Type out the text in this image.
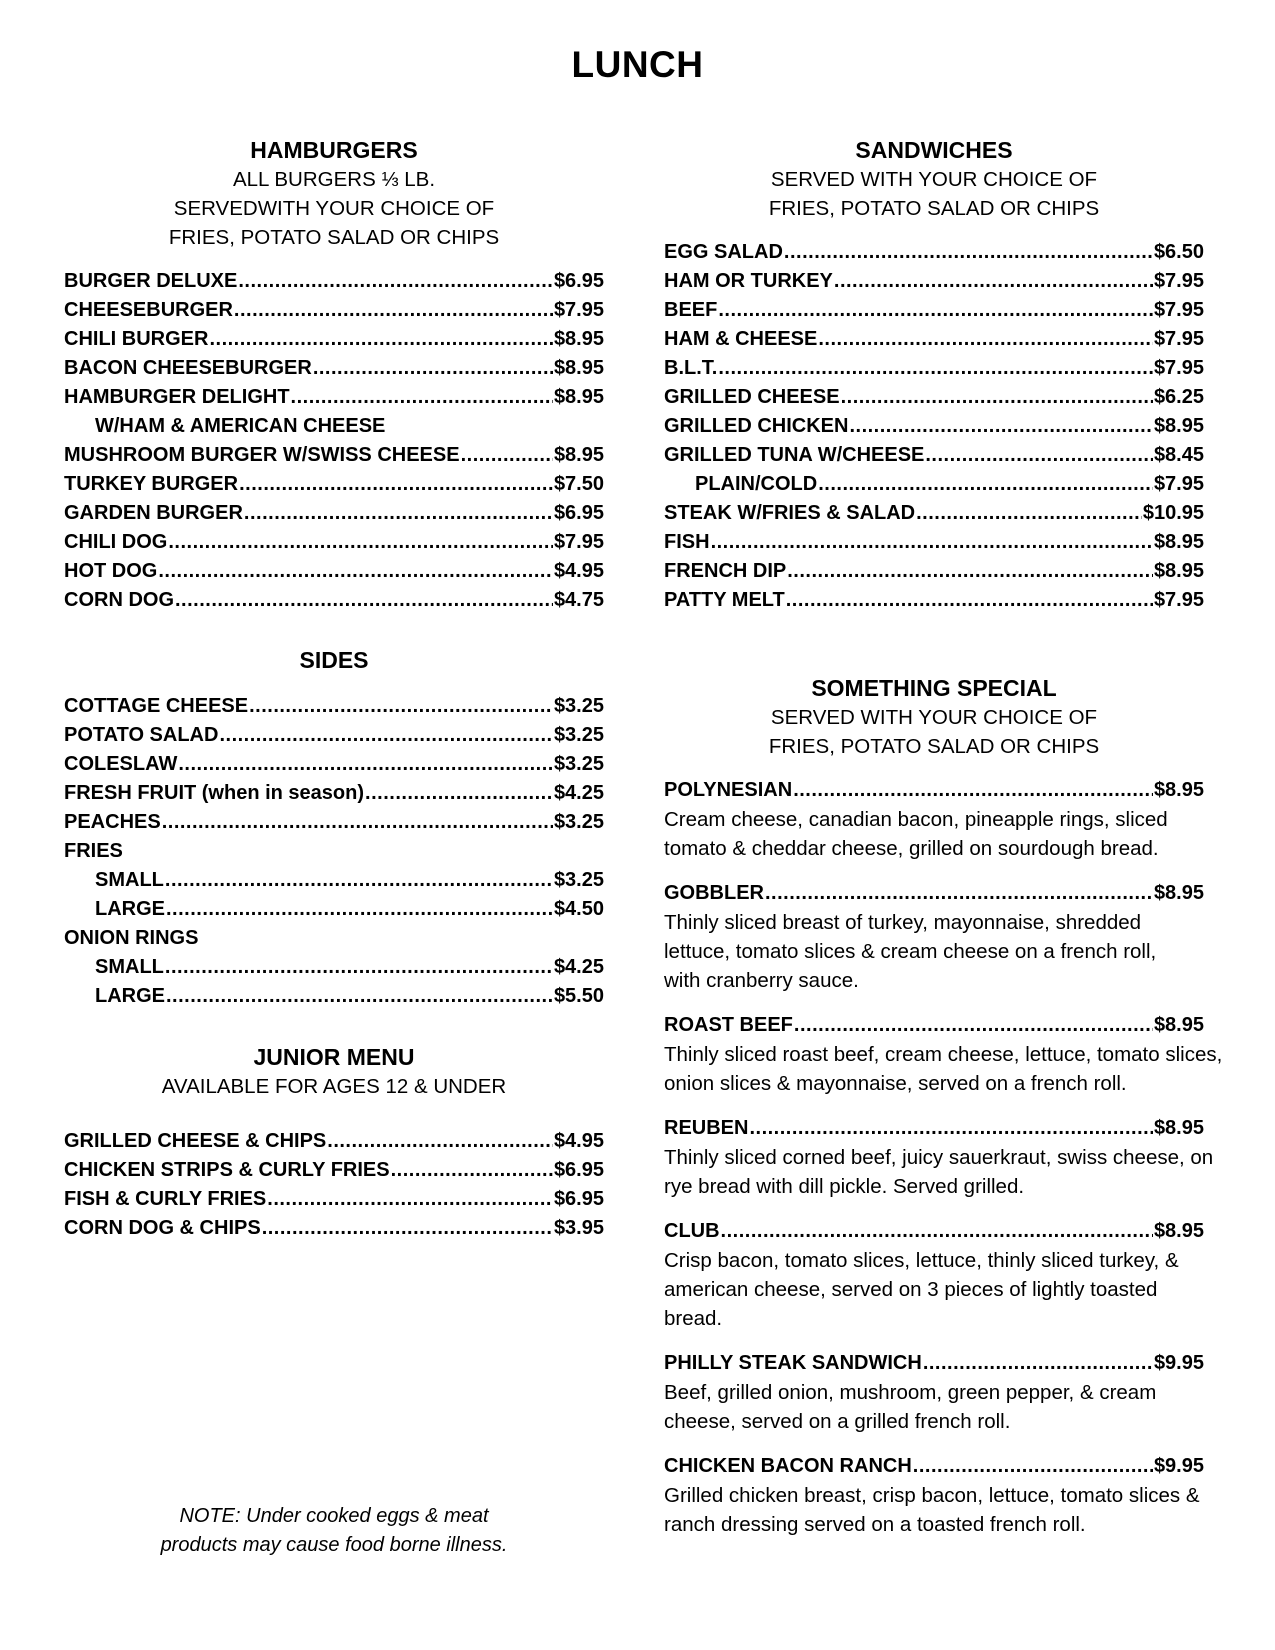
LUNCH
HAMBURGERS
ALL BURGERS ⅓ LB.
SERVEDWITH YOUR CHOICE OF
FRIES, POTATO SALAD OR CHIPS
BURGER DELUXE .....	$6.95
CHEESEBURGER .....	$7.95
CHILI BURGER .....	$8.95
BACON CHEESEBURGER .....	$8.95
HAMBURGER DELIGHT .....	$8.95
W/HAM & AMERICAN CHEESE
MUSHROOM BURGER W/SWISS CHEESE .....	$8.95
TURKEY BURGER .....	$7.50
GARDEN BURGER .....	$6.95
CHILI DOG .....	$7.95
HOT DOG .....	$4.95
CORN DOG .....	$4.75
SIDES
COTTAGE CHEESE .....	$3.25
POTATO SALAD .....	$3.25
COLESLAW .....	$3.25
FRESH FRUIT (when in season) .....	$4.25
PEACHES .....	$3.25
FRIES
SMALL .....	$3.25
LARGE .....	$4.50
ONION RINGS
SMALL .....	$4.25
LARGE .....	$5.50
JUNIOR MENU
AVAILABLE FOR AGES 12 & UNDER
GRILLED CHEESE & CHIPS .....	$4.95
CHICKEN STRIPS & CURLY FRIES .....	$6.95
FISH & CURLY FRIES .....	$6.95
CORN DOG & CHIPS .....	$3.95
NOTE: Under cooked eggs & meat
products may cause food borne illness.
SANDWICHES
SERVED WITH YOUR CHOICE OF
FRIES, POTATO SALAD OR CHIPS
EGG SALAD .....	$6.50
HAM OR TURKEY .....	$7.95
BEEF .....	$7.95
HAM & CHEESE .....	$7.95
B.L.T. .....	$7.95
GRILLED CHEESE .....	$6.25
GRILLED CHICKEN .....	$8.95
GRILLED TUNA W/CHEESE .....	$8.45
PLAIN/COLD .....	$7.95
STEAK W/FRIES & SALAD .....	$10.95
FISH .....	$8.95
FRENCH DIP .....	$8.95
PATTY MELT .....	$7.95
SOMETHING SPECIAL
SERVED WITH YOUR CHOICE OF
FRIES, POTATO SALAD OR CHIPS
POLYNESIAN .....	$8.95
Cream cheese, canadian bacon, pineapple rings, sliced tomato & cheddar cheese, grilled on sourdough bread.
GOBBLER .....	$8.95
Thinly sliced breast of turkey, mayonnaise, shredded lettuce, tomato slices & cream cheese on a french roll, with cranberry sauce.
ROAST BEEF .....	$8.95
Thinly sliced roast beef, cream cheese, lettuce, tomato slices, onion slices & mayonnaise, served on a french roll.
REUBEN .....	$8.95
Thinly sliced corned beef, juicy sauerkraut, swiss cheese, on rye bread with dill pickle. Served grilled.
CLUB .....	$8.95
Crisp bacon, tomato slices, lettuce, thinly sliced turkey, & american cheese, served on 3 pieces of lightly toasted bread.
PHILLY STEAK SANDWICH .....	$9.95
Beef, grilled onion, mushroom, green pepper, & cream cheese, served on a grilled french roll.
CHICKEN BACON RANCH .....	$9.95
Grilled chicken breast, crisp bacon, lettuce, tomato slices & ranch dressing served on a toasted french roll.
